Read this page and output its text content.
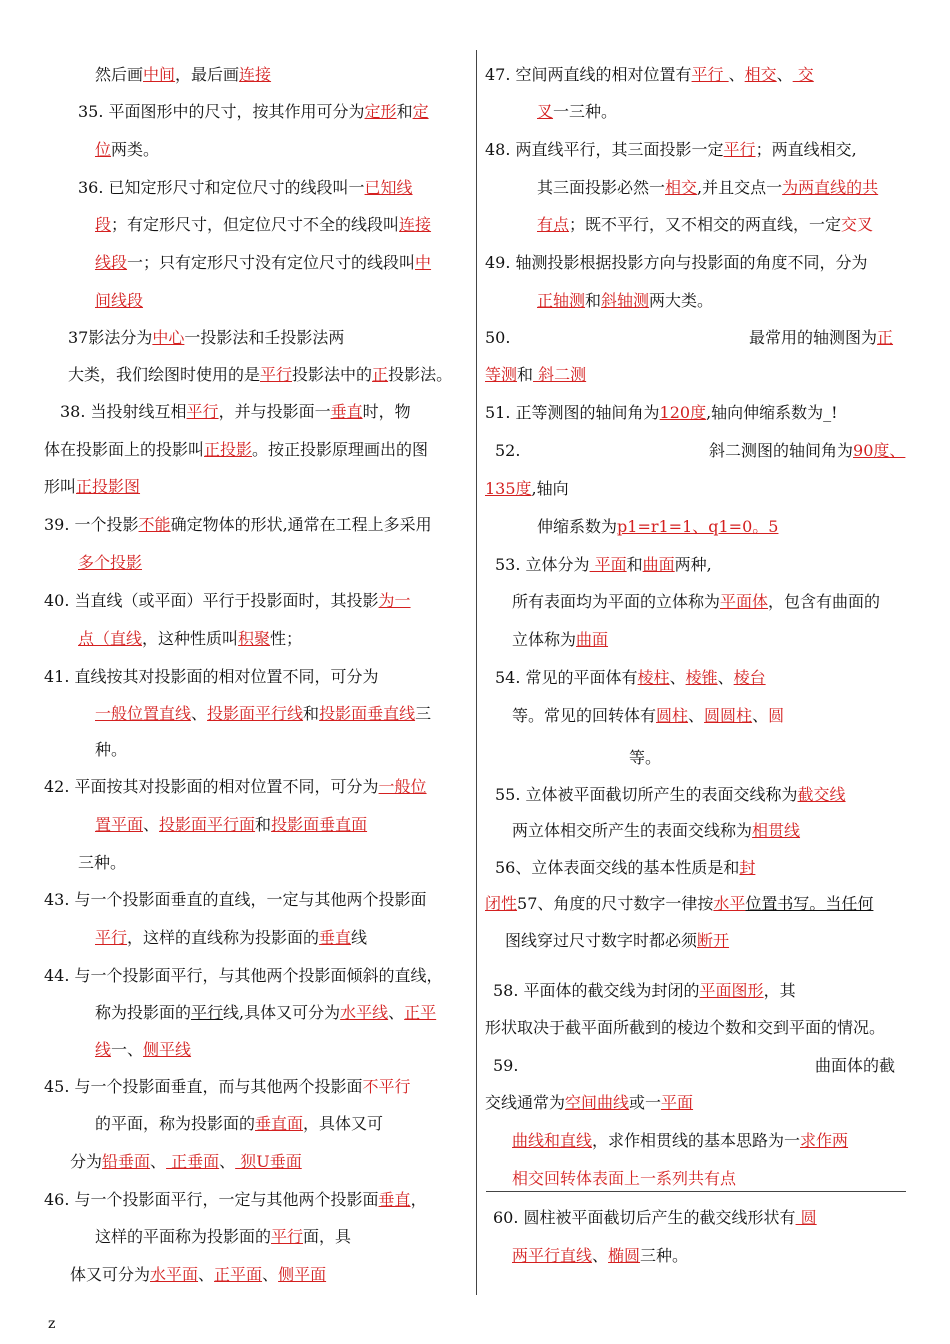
然后画中间，最后画连接
35. 平面图形中的尺寸，按其作用可分为定形和定
位两类。
36. 已知定形尺寸和定位尺寸的线段叫一已知线
段；有定形尺寸，但定位尺寸不全的线段叫连接
线段一；只有定形尺寸没有定位尺寸的线段叫中
间线段
37影法分为中心一投影法和壬投影法两
大类，我们绘图时使用的是平行投影法中的正投影法。
38. 当投射线互相平行，并与投影面一垂直时，物
体在投影面上的投影叫正投影。按正投影原理画出的图
形叫正投影图
39. 一个投影不能确定物体的形状,通常在工程上多采用
多个投影
40. 当直线（或平面）平行于投影面时，其投影为一
点（直线，这种性质叫积聚性；
41. 直线按其对投影面的相对位置不同，可分为
一般位置直线、投影面平行线和投影面垂直线三
种。
42. 平面按其对投影面的相对位置不同，可分为一般位
置平面、投影面平行面和投影面垂直面
三种。
43. 与一个投影面垂直的直线，一定与其他两个投影面
平行，这样的直线称为投影面的垂直线
44. 与一个投影面平行，与其他两个投影面倾斜的直线，
称为投影面的平行线,具体又可分为水平线、正平
线一、侧平线
45. 与一个投影面垂直，而与其他两个投影面不平行
的平面，称为投影面的垂直面，具体又可
分为铅垂面、 正垂面、 狈U垂面
46. 与一个投影面平行，一定与其他两个投影面垂直，
这样的平面称为投影面的平行面，具
体又可分为水平面、正平面、侧平面
47. 空间两直线的相对位置有平行 、相交、 交
叉一三种。
48. 两直线平行，其三面投影一定平行；两直线相交,
其三面投影必然一相交,并且交点一为两直线的共
有点；既不平行，又不相交的两直线，一定交叉
49. 轴测投影根据投影方向与投影面的角度不同，分为
正轴测和斜轴测两大类。
50.	最常用的轴测图为正
等测和 斜二测
51. 正等测图的轴间角为120度,轴向伸缩系数为_!
52.	斜二测图的轴间角为90度、
135度,轴向
伸缩系数为p1=r1=1、q1=0。5
53. 立体分为 平面和曲面两种,
所有表面均为平面的立体称为平面体，包含有曲面的
立体称为曲面
54. 常见的平面体有棱柱、棱锥、棱台
等。常见的回转体有圆柱、圆圆柱、圆
等。
55. 立体被平面截切所产生的表面交线称为截交线
两立体相交所产生的表面交线称为相贯线
56、立体表面交线的基本性质是和封
闭性57、角度的尺寸数字一律按水平位置书写。当任何
图线穿过尺寸数字时都必须断开
58. 平面体的截交线为封闭的平面图形，其
形状取决于截平面所截到的棱边个数和交到平面的情况。
59.	曲面体的截
交线通常为空间曲线或一平面
曲线和直线，求作相贯线的基本思路为一求作两
相交回转体表面上一系列共有点
60. 圆柱被平面截切后产生的截交线形状有 圆
两平行直线、椭圆三种。
z
